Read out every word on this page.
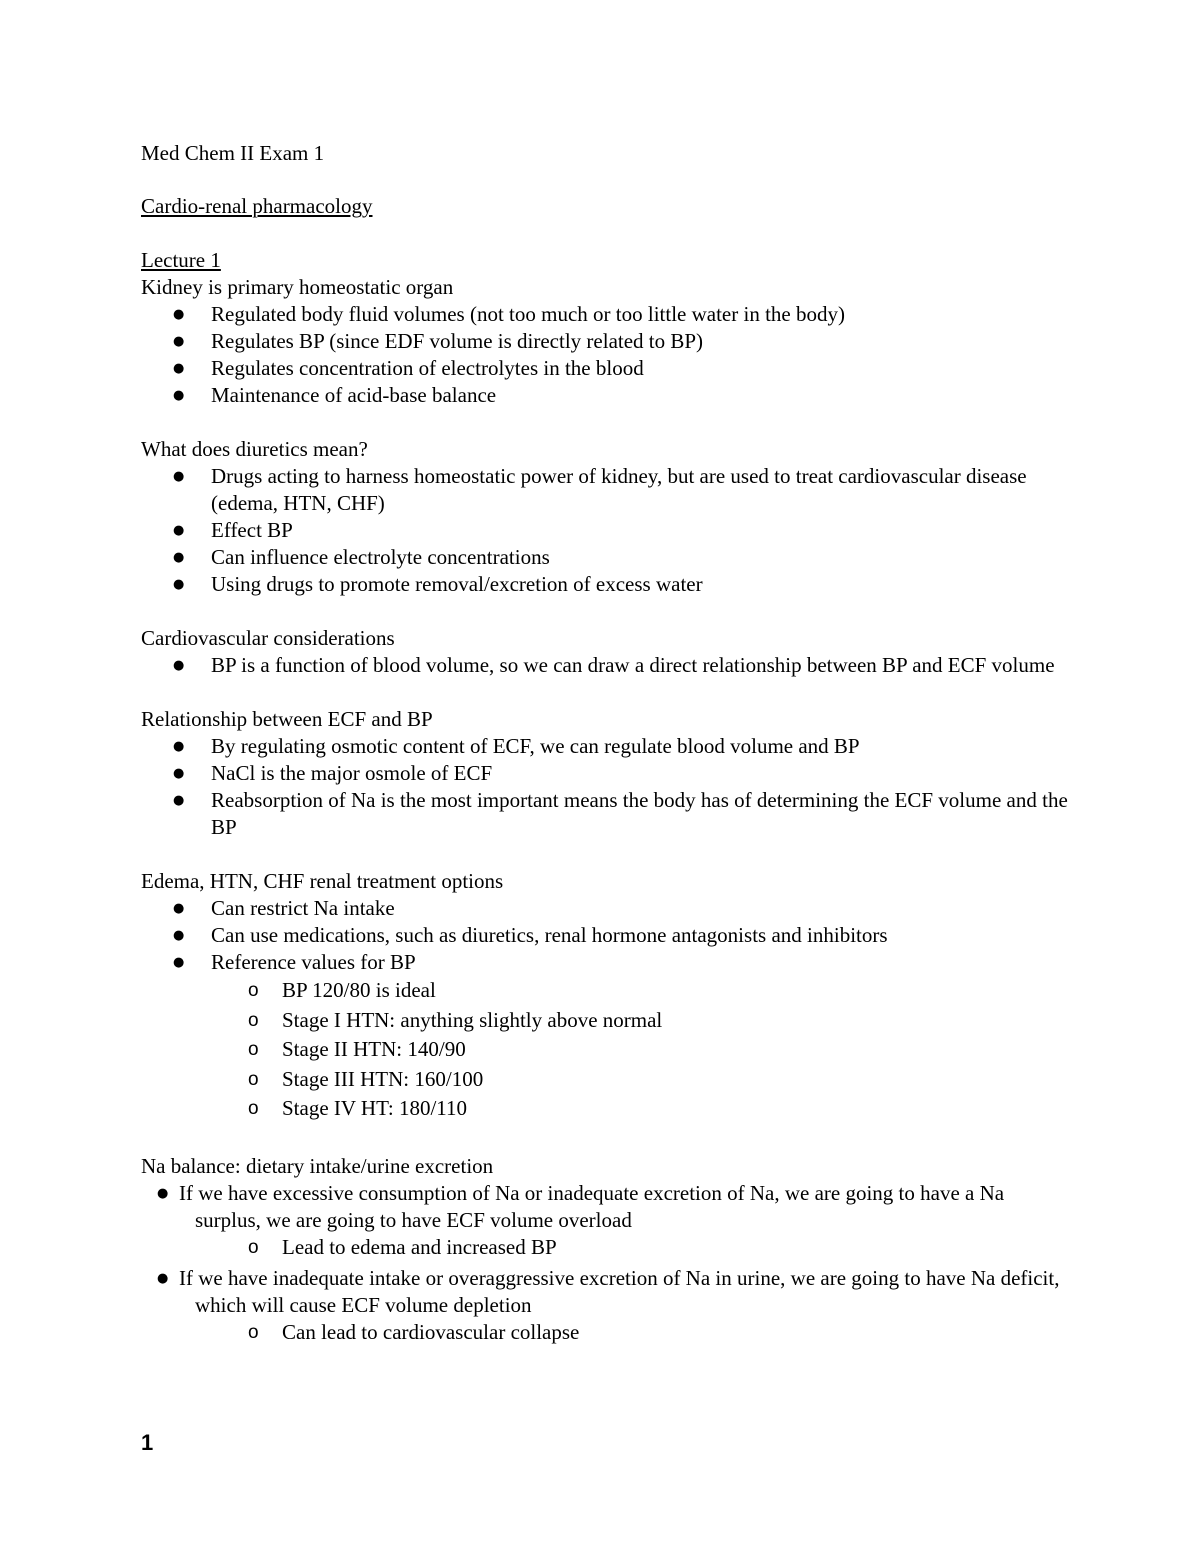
Med Chem II Exam 1

Cardio-renal pharmacology

Lecture 1

Kidney is primary homeostatic organ

● Regulated body fluid volumes (not too much or too little water in the body)
● Regulates BP (since EDF volume is directly related to BP)
● Regulates concentration of electrolytes in the blood
● Maintenance of acid-base balance

What does diuretics mean?

● Drugs acting to harness homeostatic power of kidney, but are used to treat cardiovascular disease (edema, HTN, CHF)
● Effect BP
● Can influence electrolyte concentrations
● Using drugs to promote removal/excretion of excess water

Cardiovascular considerations

● BP is a function of blood volume, so we can draw a direct relationship between BP and ECF volume

Relationship between ECF and BP

● By regulating osmotic content of ECF, we can regulate blood volume and BP
● NaCl is the major osmole of ECF
● Reabsorption of Na is the most important means the body has of determining the ECF volume and the BP

Edema, HTN, CHF renal treatment options

● Can restrict Na intake
● Can use medications, such as diuretics, renal hormone antagonists and inhibitors
● Reference values for BP
o BP 120/80 is ideal
o Stage I HTN: anything slightly above normal
o Stage II HTN: 140/90
o Stage III HTN: 160/100
o Stage IV HT: 180/110

Na balance: dietary intake/urine excretion

● If we have excessive consumption of Na or inadequate excretion of Na, we are going to have a Na surplus, we are going to have ECF volume overload
o Lead to edema and increased BP
● If we have inadequate intake or overaggressive excretion of Na in urine, we are going to have Na deficit, which will cause ECF volume depletion
o Can lead to cardiovascular collapse
1
